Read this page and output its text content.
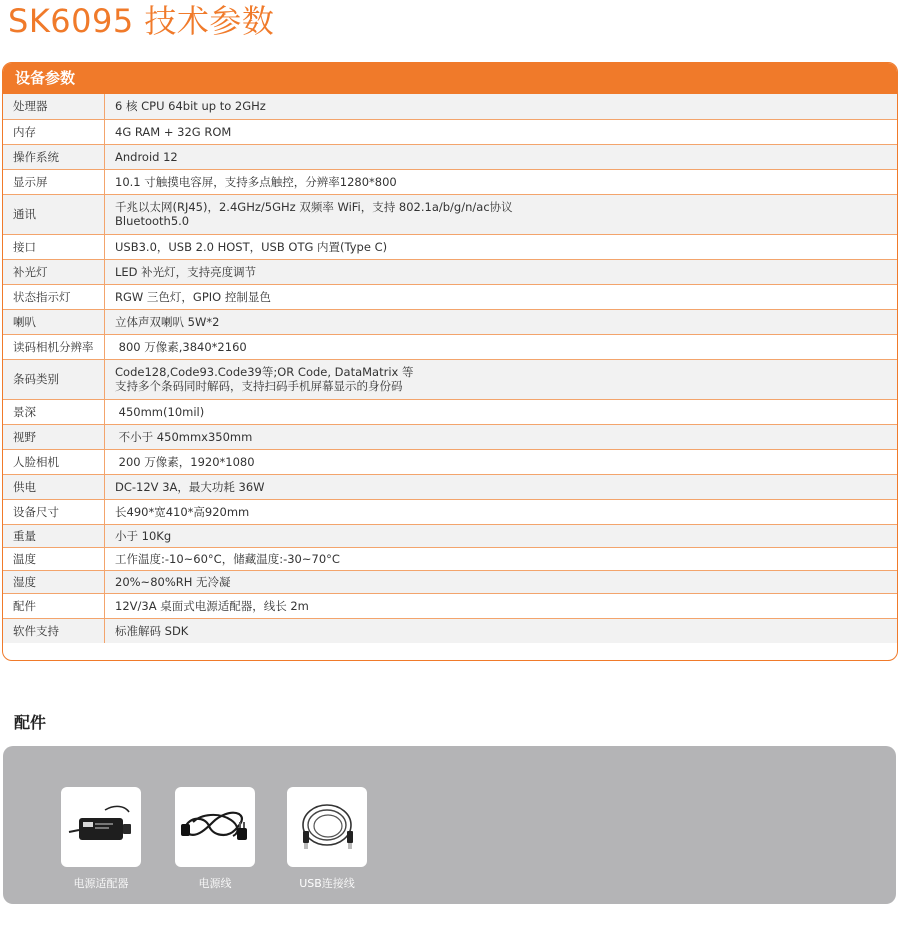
SK6095 技术参数
设备参数
处理器	6 核 CPU 64bit up to 2GHz

内存	4G RAM + 32G ROM

操作系统	Android 12

显示屏	10.1 寸触摸电容屏，支持多点触控，分辨率1280*800

通讯	千兆以太网(RJ45)，2.4GHz/5GHz 双频率 WiFi，支持 802.1a/b/g/n/ac协议
Bluetooth5.0

接口	USB3.0，USB 2.0 HOST，USB OTG 内置(Type C)

补光灯	LED 补光灯，支持亮度调节

状态指示灯	RGW 三色灯，GPIO 控制显色

喇叭	立体声双喇叭 5W*2

读码相机分辨率	800 万像素,3840*2160

条码类别	Code128,Code93.Code39等;OR Code, DataMatrix 等
支持多个条码同时解码，支持扫码手机屏幕显示的身份码

景深	450mm(10mil)

视野	不小于 450mmx350mm

人脸相机	200 万像素，1920*1080

供电	DC-12V 3A，最大功耗 36W

设备尺寸	长490*宽410*高920mm

重量	小于 10Kg

温度	工作温度:-10~60°C，储藏温度:-30~70°C

湿度	20%~80%RH 无冷凝

配件	12V/3A 桌面式电源适配器，线长 2m

软件支持	标准解码 SDK
配件
电源适配器	电源线	USB连接线
